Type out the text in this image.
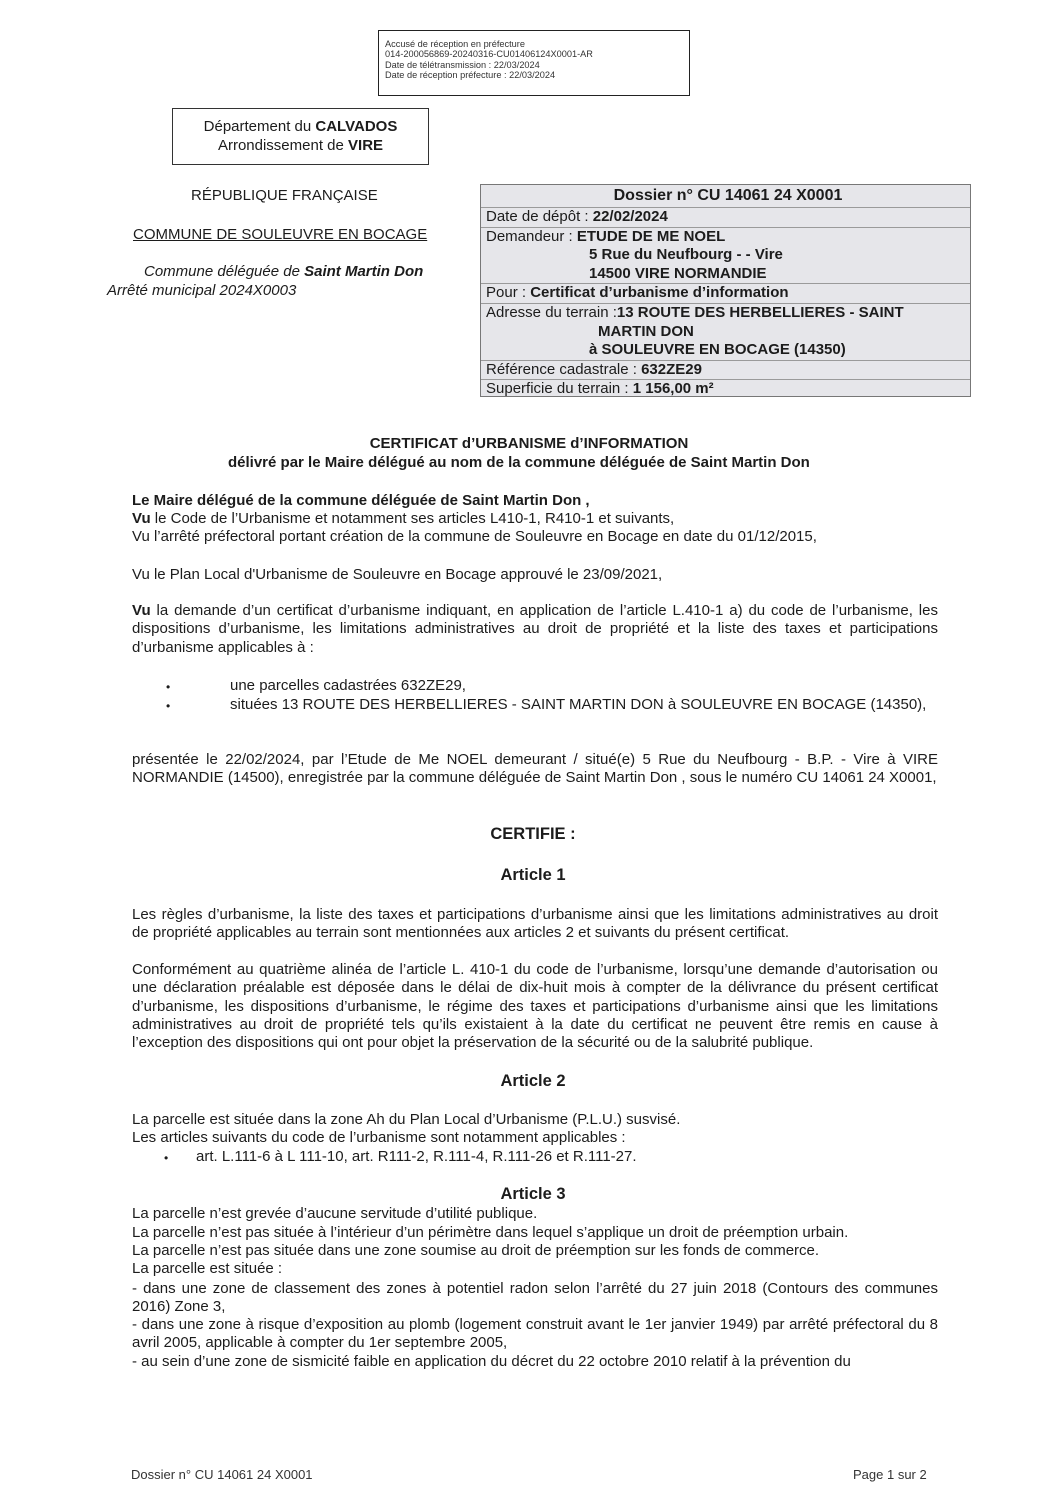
Accusé de réception en préfecture
014-200056869-20240316-CU01406124X0001-AR
Date de télétransmission : 22/03/2024
Date de réception préfecture : 22/03/2024
Département du CALVADOS
Arrondissement de VIRE
RÉPUBLIQUE FRANÇAISE
COMMUNE DE SOULEUVRE EN BOCAGE
Commune déléguée de Saint Martin Don
Arrêté municipal 2024X0003
Dossier n° CU 14061 24 X0001
Date de dépôt : 22/02/2024
Demandeur : ETUDE DE ME NOEL
5 Rue du Neufbourg - - Vire
14500 VIRE NORMANDIE
Pour : Certificat d’urbanisme d’information
Adresse du terrain :13 ROUTE DES HERBELLIERES - SAINT
MARTIN DON
à SOULEUVRE EN BOCAGE (14350)
Référence cadastrale : 632ZE29
Superficie du terrain : 1 156,00 m²
CERTIFICAT d’URBANISME d’INFORMATION
délivré par le Maire délégué au nom de la commune déléguée de Saint Martin Don
Le Maire délégué de la commune déléguée de Saint Martin Don ,
Vu le Code de l’Urbanisme et notamment ses articles L410-1, R410-1 et suivants,
Vu l’arrêté préfectoral portant création de la commune de Souleuvre en Bocage en date du 01/12/2015,
Vu le Plan Local d'Urbanisme de Souleuvre en Bocage approuvé le 23/09/2021,
Vu la demande d’un certificat d’urbanisme indiquant, en application de l’article L.410-1 a) du code de l’urbanisme, les dispositions d’urbanisme, les limitations administratives au droit de propriété et la liste des taxes et participations d’urbanisme applicables à :
•	une parcelles cadastrées 632ZE29,
•	situées 13 ROUTE DES HERBELLIERES - SAINT MARTIN DON à SOULEUVRE EN BOCAGE (14350),
présentée le 22/02/2024, par l’Etude de Me NOEL demeurant / situé(e) 5 Rue du Neufbourg - B.P. - Vire à VIRE NORMANDIE (14500), enregistrée par la commune déléguée de Saint Martin Don , sous le numéro CU 14061 24 X0001,
CERTIFIE :
Article 1
Les règles d’urbanisme, la liste des taxes et participations d’urbanisme ainsi que les limitations administratives au droit de propriété applicables au terrain sont mentionnées aux articles 2 et suivants du présent certificat.
Conformément au quatrième alinéa de l’article L. 410-1 du code de l’urbanisme, lorsqu’une demande d’autorisation ou une déclaration préalable est déposée dans le délai de dix-huit mois à compter de la délivrance du présent certificat d’urbanisme, les dispositions d’urbanisme, le régime des taxes et participations d’urbanisme ainsi que les limitations administratives au droit de propriété tels qu’ils existaient à la date du certificat ne peuvent être remis en cause à l’exception des dispositions qui ont pour objet la préservation de la sécurité ou de la salubrité publique.
Article 2
La parcelle est située dans la zone Ah du Plan Local d’Urbanisme (P.L.U.) susvisé.
Les articles suivants du code de l’urbanisme sont notamment applicables :
• art. L.111-6 à L 111-10, art. R111-2, R.111-4, R.111-26 et R.111-27.
Article 3
La parcelle n’est grevée d’aucune servitude d’utilité publique.
La parcelle n’est pas située à l’intérieur d’un périmètre dans lequel s’applique un droit de préemption urbain.
La parcelle n’est pas située dans une zone soumise au droit de préemption sur les fonds de commerce.
La parcelle est située :
- dans une zone de classement des zones à potentiel radon selon l’arrêté du 27 juin 2018 (Contours des communes 2016) Zone 3,
- dans une zone à risque d’exposition au plomb (logement construit avant le 1er janvier 1949) par arrêté préfectoral du 8 avril 2005, applicable à compter du 1er septembre 2005,
- au sein d’une zone de sismicité faible en application du décret du 22 octobre 2010 relatif à la prévention du
Dossier n° CU 14061 24 X0001	Page 1 sur 2
